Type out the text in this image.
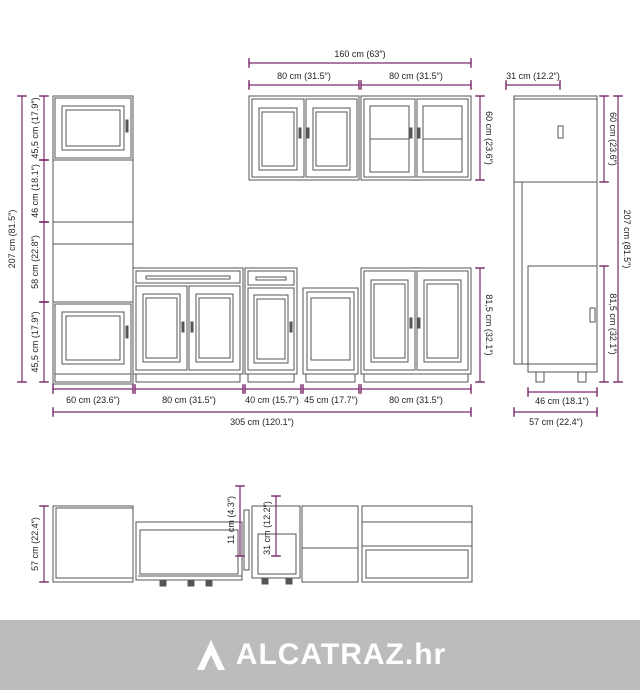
160 cm (63″)
80 cm (31.5″)	80 cm (31.5″)	31 cm (12.2″)
60 cm (23.6″)	60 cm (23.6″)
207 cm (81.5″)
81,5 cm (32.1″)
46 cm (18.1″)
57 cm (22.4″)
207 cm (81.5″)
45,5 cm (17.9″)
46 cm (18.1″)
58 cm (22.8″)
45,5 cm (17.9″)	81,5 cm (32.1″)
60 cm (23.6″)	80 cm (31.5″)	40 cm (15.7″) 45 cm (17.7″)	80 cm (31.5″)
305 cm (120.1″)
57 cm (22.4″)	11 cm (4.3″)	31 cm (12.2″)
ALCATRAZ.hr
